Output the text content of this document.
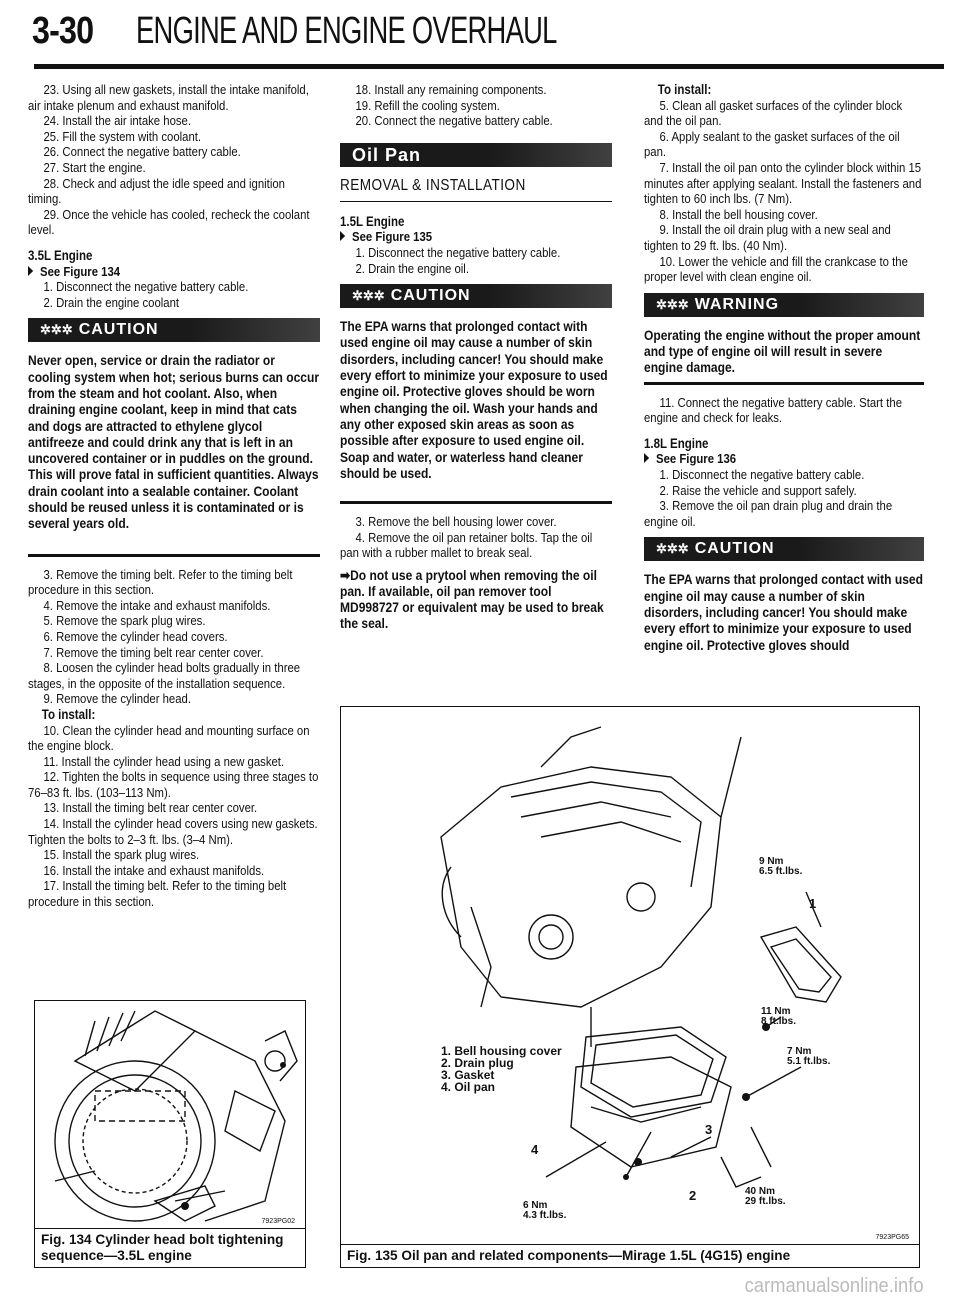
3-30 ENGINE AND ENGINE OVERHAUL

23. Using all new gaskets, install the intake manifold, air intake plenum and exhaust manifold.

24. Install the air intake hose.

25. Fill the system with coolant.

26. Connect the negative battery cable.

27. Start the engine.

28. Check and adjust the idle speed and ignition timing.

29. Once the vehicle has cooled, recheck the coolant level.

3.5L Engine

See Figure 134

1. Disconnect the negative battery cable.

2. Drain the engine coolant

✲✲✲ CAUTION
Never open, service or drain the radiator or cooling system when hot; serious burns can occur from the steam and hot coolant. Also, when draining engine coolant, keep in mind that cats and dogs are attracted to ethylene glycol antifreeze and could drink any that is left in an uncovered container or in puddles on the ground. This will prove fatal in sufficient quantities. Always drain coolant into a sealable container. Coolant should be reused unless it is contaminated or is several years old.

3. Remove the timing belt. Refer to the timing belt procedure in this section.

4. Remove the intake and exhaust manifolds.

5. Remove the spark plug wires.

6. Remove the cylinder head covers.

7. Remove the timing belt rear center cover.

8. Loosen the cylinder head bolts gradually in three stages, in the opposite of the installation sequence.

9. Remove the cylinder head.

To install:

10. Clean the cylinder head and mounting surface on the engine block.

11. Install the cylinder head using a new gasket.

12. Tighten the bolts in sequence using three stages to 76–83 ft. lbs. (103–113 Nm).

13. Install the timing belt rear center cover.

14. Install the cylinder head covers using new gaskets. Tighten the bolts to 2–3 ft. lbs. (3–4 Nm).

15. Install the spark plug wires.

16. Install the intake and exhaust manifolds.

17. Install the timing belt. Refer to the timing belt procedure in this section.

18. Install any remaining components.

19. Refill the cooling system.

20. Connect the negative battery cable.

Oil Pan
REMOVAL & INSTALLATION

1.5L Engine

See Figure 135

1. Disconnect the negative battery cable.

2. Drain the engine oil.

✲✲✲ CAUTION
The EPA warns that prolonged contact with used engine oil may cause a number of skin disorders, including cancer! You should make every effort to minimize your exposure to used engine oil. Protective gloves should be worn when changing the oil. Wash your hands and any other exposed skin areas as soon as possible after exposure to used engine oil. Soap and water, or waterless hand cleaner should be used.

3. Remove the bell housing lower cover.

4. Remove the oil pan retainer bolts. Tap the oil pan with a rubber mallet to break seal.

➡Do not use a prytool when removing the oil pan. If available, oil pan remover tool MD998727 or equivalent may be used to break the seal.

To install:

5. Clean all gasket surfaces of the cylinder block and the oil pan.

6. Apply sealant to the gasket surfaces of the oil pan.

7. Install the oil pan onto the cylinder block within 15 minutes after applying sealant. Install the fasteners and tighten to 60 inch lbs. (7 Nm).

8. Install the bell housing cover.

9. Install the oil drain plug with a new seal and tighten to 29 ft. lbs. (40 Nm).

10. Lower the vehicle and fill the crankcase to the proper level with clean engine oil.

✲✲✲ WARNING
Operating the engine without the proper amount and type of engine oil will result in severe engine damage.

11. Connect the negative battery cable. Start the engine and check for leaks.

1.8L Engine

See Figure 136

1. Disconnect the negative battery cable.

2. Raise the vehicle and support safely.

3. Remove the oil pan drain plug and drain the engine oil.

✲✲✲ CAUTION
The EPA warns that prolonged contact with used engine oil may cause a number of skin disorders, including cancer! You should make every effort to minimize your exposure to used engine oil. Protective gloves should
7923PG02
Fig. 134 Cylinder head bolt tightening sequence—3.5L engine
1. Bell housing cover
2. Drain plug
3. Gasket
4. Oil pan
9 Nm
6.5 ft.lbs.
11 Nm
8 ft.lbs.
7 Nm
5.1 ft.lbs.
40 Nm
29 ft.lbs.
6 Nm
4.3 ft.lbs.
1
2
3
4
7923PG65
Fig. 135 Oil pan and related components—Mirage 1.5L (4G15) engine
carmanualsonline.info
